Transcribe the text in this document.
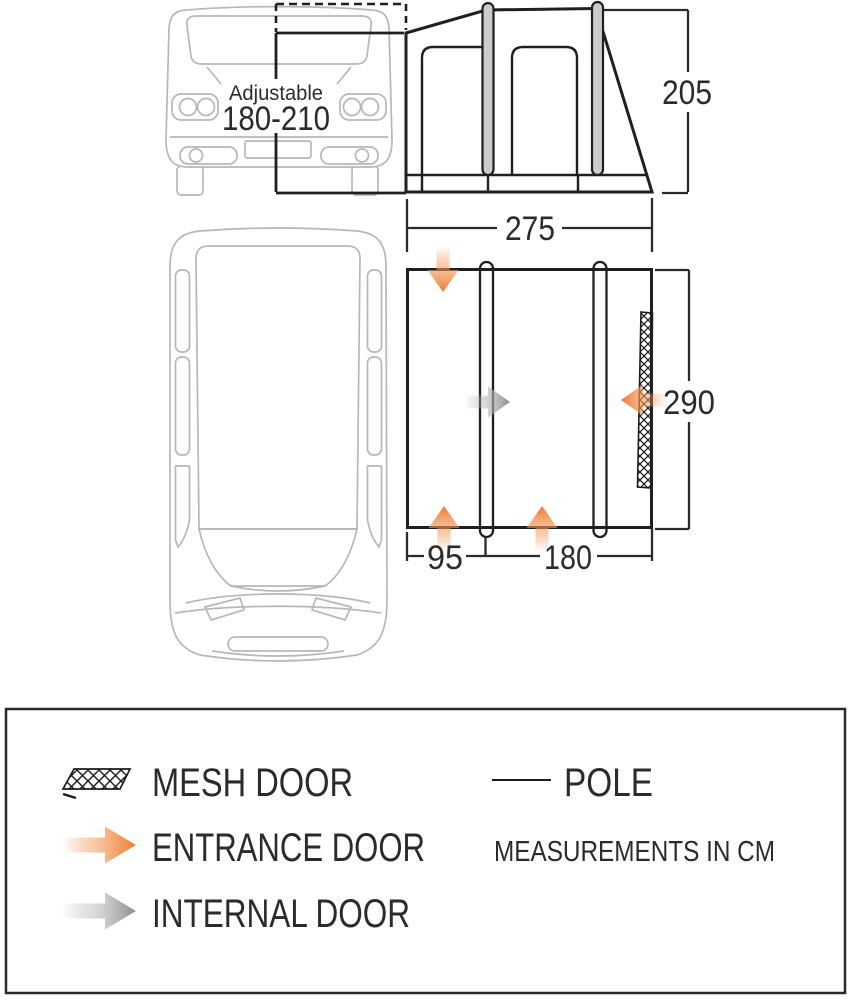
Adjustable
180-210
205
275
290
95 180
MESH DOOR	POLE
ENTRANCE DOOR MEASUREMENTS IN CM
INTERNAL DOOR
